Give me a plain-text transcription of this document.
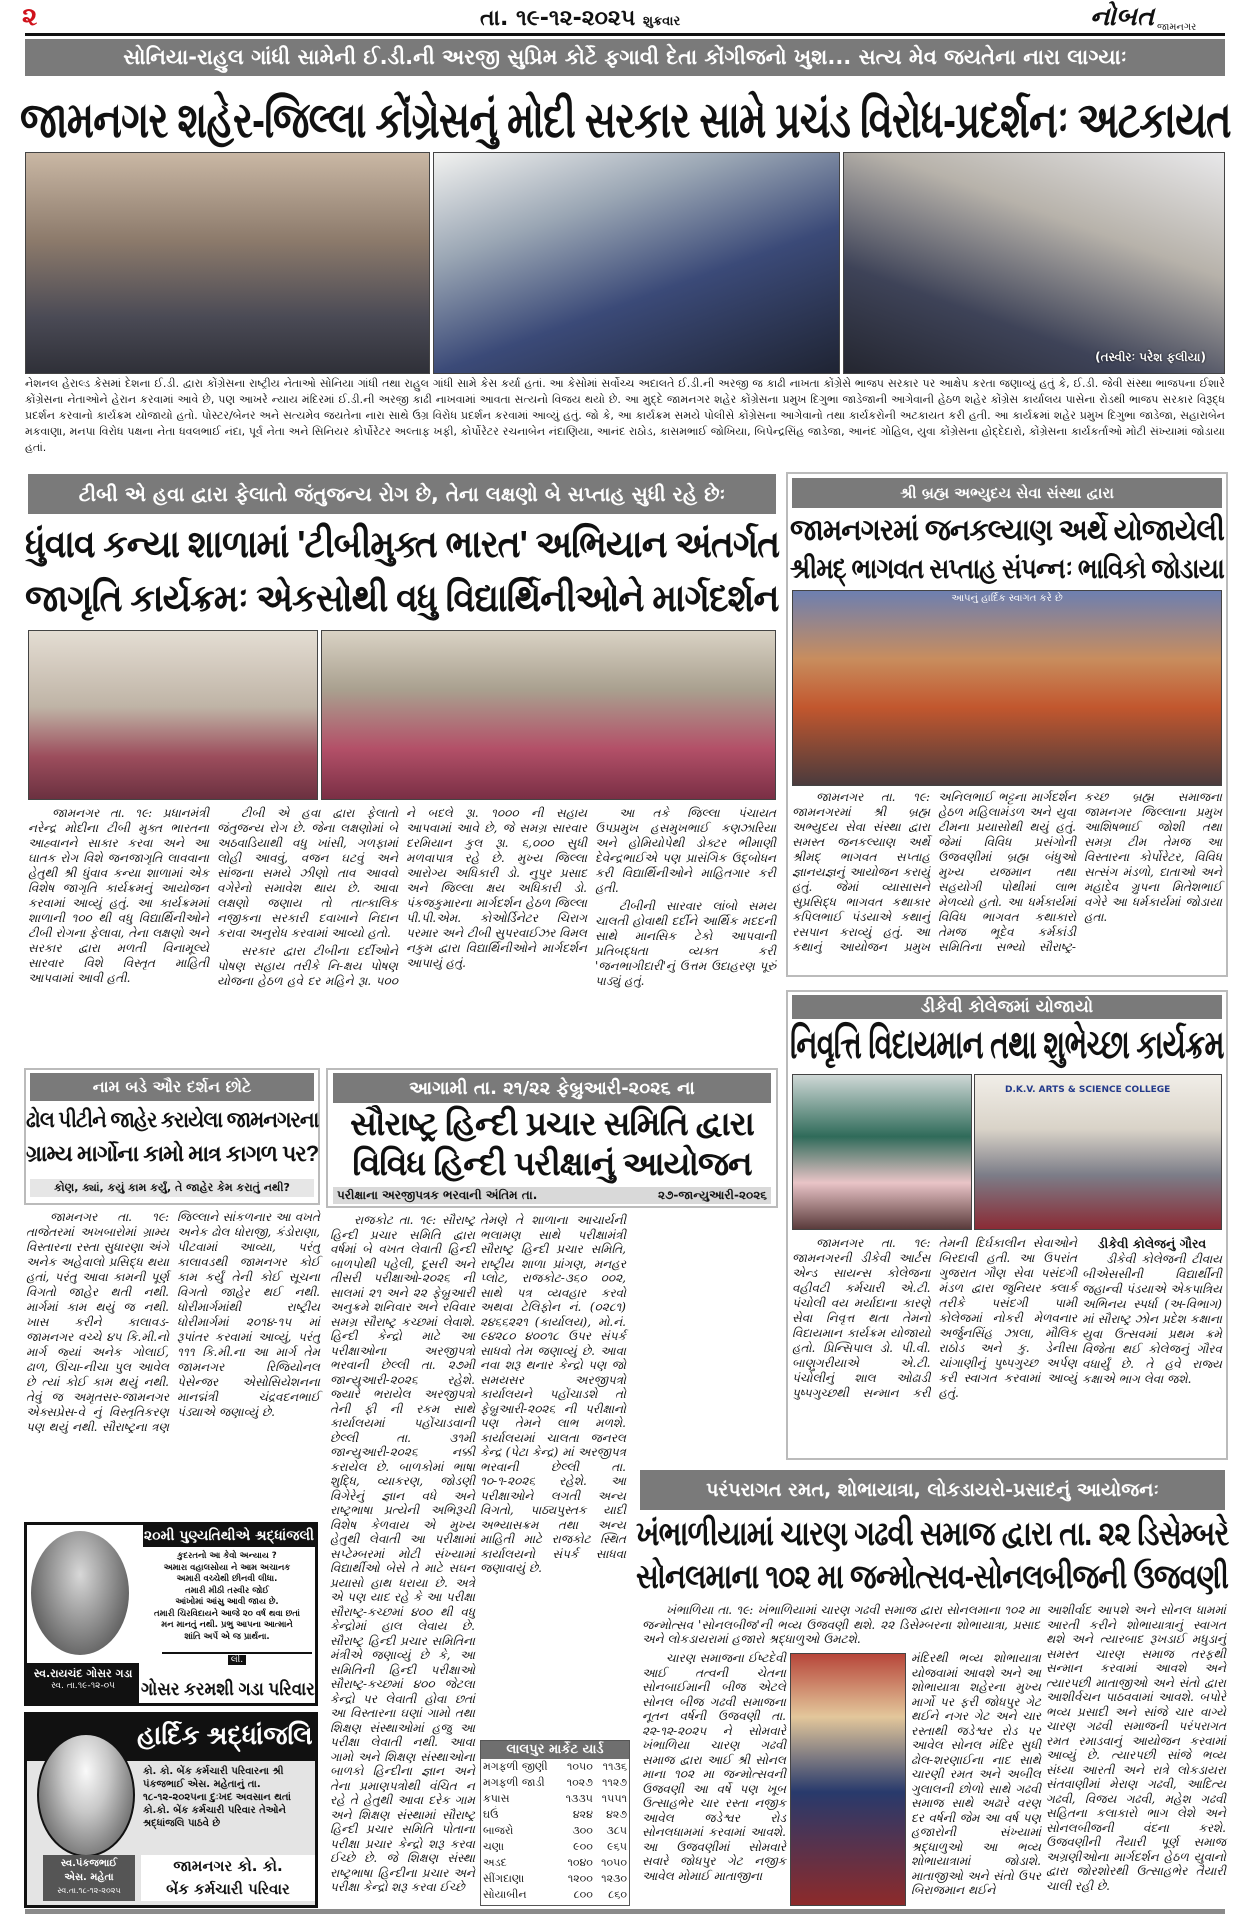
૨	તા. ૧૯-૧૨-૨૦૨૫ શુક્રવાર	નોબત જામનગર
સોનિયા-રાહુલ ગાંધી સામેની ઈ.ડી.ની અરજી સુપ્રિમ કોર્ટે ફગાવી દેતા કોંગીજનો ખુશ... સત્ય મેવ જયતેના નારા લાગ્યાઃ
જામનગર શહેર-જિલ્લા કોંગ્રેસનું મોદી સરકાર સામે પ્રચંડ વિરોધ-પ્રદર્શનઃ અટકાયત
(તસ્વીરઃ પરેશ ફલીયા)
નેશનલ હેરાલ્ડ કેસમાં દેશના ઈ.ડી. દ્વારા કોંગ્રેસના રાષ્ટ્રીય નેતાઓ સોનિયા ગાંધી તથા રાહુલ ગાંધી સામે કેસ કર્યા હતાં. આ કેસોમાં સર્વોચ્ચ અદાલતે ઈ.ડી.ની અરજી જ કાઢી નાખતા કોંગ્રેસે ભાજપ સરકાર પર આક્ષેપ કરતા જણાવ્યું હતું કે, ઈ.ડી. જેવી સંસ્થા ભાજપના ઈશારે કોંગ્રેસના નેતાઓને હેરાન કરવામાં આવે છે, પણ આખરે ન્યાય મંદિરમાં ઈ.ડી.ની અરજી કાઢી નાખવામાં આવતા સત્યનો વિજય થયો છે. આ મુદ્દે જામનગર શહેર કોંગ્રેસના પ્રમુખ દિગુભા જાડેજાની આગેવાની હેઠળ શહેર કોંગ્રેસ કાર્યાલય પાસેના રોડથી ભાજપ સરકાર વિરૂદ્ધ પ્રદર્શન કરવાનો કાર્યક્રમ યોજાયો હતો. પોસ્ટર/બેનર અને સત્યમેવ જયતેના નારા સાથે ઉગ્ર વિરોધ પ્રદર્શન કરવામાં આવ્યું હતું. જો કે, આ કાર્યક્રમ સમયે પોલીસે કોંગ્રેસના આગેવાનો તથા કાર્યકરોની અટકાયત કરી હતી. આ કાર્યક્રમાં શહેર પ્રમુખ દિગુભા જાડેજા, સહારાબેન મકવાણા, મનપા વિરોધ પક્ષના નેતા ધવલભાઈ નંદા, પૂર્વ નેતા અને સિનિયર કોર્પોરેટર અલ્તાફ ખફી, કોર્પોરેટર રચનાબેન નંદાણિયા, આનંદ રાઠોડ, કાસમભાઈ જોખિયા, બિપેન્દ્રસિંહ જાડેજા, આનંદ ગોહિલ, યુવા કોંગ્રેસના હોદ્દેદારો, કોંગ્રેસના કાર્યકર્તાઓ મોટી સંખ્યામાં જોડાયા હતાં.
ટીબી એ હવા દ્વારા ફેલાતો જંતુજન્ય રોગ છે, તેના લક્ષણો બે સપ્તાહ સુધી રહે છેઃ
ધુંવાવ કન્યા શાળામાં 'ટીબીમુક્ત ભારત' અભિયાન અંતર્ગત
જાગૃતિ કાર્યક્રમઃ એકસોથી વધુ વિદ્યાર્થિનીઓને માર્ગદર્શન

જામનગર તા. ૧૯: પ્રધાનમંત્રી નરેન્દ્ર મોદીના ટીબી મુક્ત ભારતના આહ્વાનને સાકાર કરવા અને આ ઘાતક રોગ વિશે જનજાગૃતિ લાવવાના હેતુથી શ્રી ધુંવાવ કન્યા શાળામાં એક વિશેષ જાગૃતિ કાર્યક્રમનું આયોજન કરવામાં આવ્યું હતું. આ કાર્યક્રમમાં શાળાની ૧૦૦ થી વધુ વિદ્યાર્થિનીઓને ટીબી રોગના ફેલાવા, તેના લક્ષણો અને સરકાર દ્વારા મળતી વિનામૂલ્યે સારવાર વિશે વિસ્તૃત માહિતી આપવામાં આવી હતી.

ટીબી એ હવા દ્વારા ફેલાતો જંતુજન્ય રોગ છે. જેના લક્ષણોમાં બે અઠવાડિયાથી વધુ ખાંસી, ગળફામાં લોહી આવવું, વજન ઘટવું અને સાંજના સમયે ઝીણો તાવ આવવો વગેરેનો સમાવેશ થાય છે. આવા લક્ષણો જણાય તો તાત્કાલિક નજીકના સરકારી દવાખાને નિદાન કરાવા અનુરોધ કરવામાં આવ્યો હતો.

સરકાર દ્વારા ટીબીના દર્દીઓને પોષણ સહાય તરીકે નિ-ક્ષય પોષણ યોજના હેઠળ હવે દર મહિને રૂા. ૫૦૦ ને બદલે રૂા. ૧૦૦૦ ની સહાય આપવામાં આવે છે, જે સમગ્ર સારવાર દરમિયાન કુલ રૂા. ૬,૦૦૦ સુધી મળવાપાત્ર રહે છે. મુખ્ય જિલ્લા આરોગ્ય અધિકારી ડો. નુપુર પ્રસાદ અને જિલ્લા ક્ષય અધિકારી ડો. પંકજકુમારના માર્ગદર્શન હેઠળ જિલ્લા પી.પી.એમ. કોઓર્ડિનેટર ચિરાગ પરમાર અને ટીબી સુપરવાઈઝર વિમલ નકુમ દ્વારા વિદ્યાર્થિનીઓને માર્ગદર્શન આપાયું હતું.

આ તકે જિલ્લા પંચાયત ઉપપ્રમુખ હસમુખભાઈ કણઝારિયા અને હોમિયોપેથી ડોક્ટર ભીમાણી દેવેન્દ્રભાઈએ પણ પ્રાસંગિક ઉદ્બોધન કરી વિદ્યાર્થિનીઓને માહિતગાર કરી હતી.

ટીબીની સારવાર લાંબો સમય ચાલતી હોવાથી દર્દીને આર્થિક મદદની સાથે માનસિક ટેકો આપવાની પ્રતિબદ્ધતા વ્યક્ત કરી 'જનભાગીદારી'નું ઉત્તમ ઉદાહરણ પૂરું પાડ્યું હતું.

શ્રી બ્રહ્મ અભ્યુદય સેવા સંસ્થા દ્વારા
જામનગરમાં જનકલ્યાણ અર્થે યોજાયેલી
શ્રીમદ્ ભાગવત સપ્તાહ સંપન્નઃ ભાવિકો જોડાયા
આપનું હાર્દિક સ્વાગત કરે છે

જામનગર તા. ૧૯: જામનગરમાં શ્રી બ્રહ્મ અભ્યુદય સેવા સંસ્થા દ્વારા સમસ્ત જનકલ્યાણ અર્થે શ્રીમદ્ ભાગવત સપ્તાહ જ્ઞાનયજ્ઞનું આયોજન કરાયું હતું. જેમાં વ્યાસાસને સુપ્રસિદ્ધ ભાગવત કથાકાર કપિલભાઈ પંડયાએ કથાનું રસપાન કરાવ્યું હતું. આ કથાનું આયોજન પ્રમુખ અનિલભાઈ ભટ્ટના માર્ગદર્શન હેઠળ મહિલામંડળ અને યુવા ટીમના પ્રયાસોથી થયું હતું. જેમાં વિવિધ પ્રસંગોની ઉજવણીમાં બ્રહ્મ બંધુઓ મુખ્ય યજમાન તથા સહયોગી પોથીમાં લાભ મેળવ્યો હતો. આ ધર્મકાર્યમાં વિવિધ ભાગવત કથાકારો તેમજ ભૂદેવ કર્મકાંડી સમિતિના સભ્યો સૌરાષ્ટ્ર-કચ્છ બ્રહ્મ સમાજના જામનગર જિલ્લાના પ્રમુખ આશિષભાઈ જોશી તથા સમગ્ર ટીમ તેમજ આ વિસ્તારના કોર્પોરેટર, વિવિધ સત્સંગ મંડળો, દાતાઓ અને મહાદેવ ગ્રુપના મિતેશભાઈ વગેરે આ ધર્મકાર્યમાં જોડાયા હતા.

ડીકેવી કોલેજમાં યોજાયો
નિવૃત્તિ વિદાયમાન તથા શુભેચ્છા કાર્યક્રમ
D.K.V. ARTS & SCIENCE COLLEGE

જામનગર તા. ૧૯: જામનગરની ડીકેવી આર્ટસ એન્ડ સાયન્સ કોલેજના વહીવટી કર્મચારી એ.ટી. પંચોલી વય મર્યાદાના કારણે સેવા નિવૃત્ત થતા તેમનો વિદાયમાન કાર્યક્રમ યોજાયો હતો. પ્રિન્સિપાલ ડો. પી.વી. બાણુગરીયાએ એ.ટી. પંચોલીનું શાલ ઓઢાડી પુષ્પગુચ્છથી સન્માન કરી તેમની દિર્ઘકાલીન સેવાઓને બિરદાવી હતી. આ ઉપરાંત ગુજરાત ગૌણ સેવા પસંદગી મંડળ દ્વારા જુનિયર ક્લાર્ક તરીકે પસંદગી પામી કોલેજમાં નોકરી મેળવનાર અર્જુનસિંહ ઝાલા, મૌલિક રાઠોડ અને કુ. ડેનીસા ચાંગાણીનું પુષ્પગુચ્છ અર્પણ કરી સ્વાગત કરવામાં આવ્યું હતું.

ડીકેવી કોલેજનું ગૌરવ

ડીકેવી કોલેજની ટીવાય બીએસસીની વિદ્યાર્થીની જહાન્વી પંડયાએ એકપાત્રિય અભિનય સ્પર્ધા (અ-વિભાગ) માં સૌરાષ્ટ્ર ઝોન પ્રદેશ કક્ષાના યુવા ઉત્સવમાં પ્રથમ ક્રમે વિજેતા થઈ કોલેજનું ગૌરવ વધાર્યું છે. તે હવે રાજ્ય કક્ષાએ ભાગ લેવા જશે.

નામ બડે ઔર દર્શન છોટે
ઢોલ પીટીને જાહેર કરાયેલા જામનગરના
ગ્રામ્ય માર્ગોના કામો માત્ર કાગળ પર?
કોણ, ક્યાં, કયું કામ કર્યું, તે જાહેર કેમ કરાતું નથી?

જામનગર તા. ૧૯: તાજેતરમાં અખબારોમાં ગ્રામ્ય વિસ્તારના રસ્તા સુધારણા અંગે અનેક અહેવાલો પ્રસિદ્ધ થયા હતાં, પરંતુ આવા કામની પૂર્ણ વિગતો જાહેર થતી નથી. માર્ગમાં કામ થયું જ નથી. ખાસ કરીને કાલાવડ-જામનગર વચ્ચે ૪૫ કિ.મી.નો માર્ગ જ્યાં અનેક ગોલાઈ, ઢાળ, ઊંચા-નીચા પુલ આવેલ છે ત્યાં કોઈ કામ થયું નથી. તેવું જ અમૃતસર-જામનગર એક્સપ્રેસ-વે નું વિસ્તૃતિકરણ પણ થયું નથી. સૌરાષ્ટ્રના ત્રણ જિલ્લાને સાંકળનાર આ વખતે અનેક ઢોલ ધોરાજી, કંડોરાણા, પીટવામાં આવ્યા, પરંતુ કાલાવડથી જામનગર કોઈ કામ કર્યું તેની કોઈ સૂચના વિગતો જાહેર થઈ નથી. ધોરીમાર્ગમાંથી રાષ્ટ્રીય ધોરીમાર્ગમાં ૨૦૧૪-૧૫ માં રૂપાંતર કરવામાં આવ્યું, પરંતુ ૧૧૧ કિ.મી.ના આ માર્ગ તેમ જામનગર રિજિયોનલ પેસેન્જર એસોસિયેશનના માનદ્મંત્રી ચંદ્રવદનભાઈ પંડ્યાએ જણાવ્યું છે.

આગામી તા. ૨૧/૨૨ ફેબ્રુઆરી-૨૦૨૬ ના
સૌરાષ્ટ્ર હિન્દી પ્રચાર સમિતિ દ્વારા
વિવિધ હિન્દી પરીક્ષાનું આયોજન
પરીક્ષાના અરજીપત્રક ભરવાની અંતિમ તા.	૨૭-જાન્યુઆરી-૨૦૨૬
રાજકોટ તા. ૧૯: સૌરાષ્ટ્ર હિન્દી પ્રચાર સમિતિ દ્વારા વર્ષમાં બે વખત લેવાતી હિન્દી બાળપોથી પહેલી, દૂસરી અને તીસરી પરીક્ષાઓ-૨૦૨૬ ની સાલમાં ૨૧ અને ૨૨ ફેબ્રુઆરી અનુક્રમે શનિવાર અને રવિવાર સમગ્ર સૌરાષ્ટ્ર કચ્છમાં લેવાશે. હિન્દી કેન્દ્રો માટે આ પરીક્ષાઓના અરજીપત્રો ભરવાની છેલ્લી તા. ૨૭મી જાન્યુઆરી-૨૦૨૬ રહેશે. જ્યારે ભરાયેલ અરજીપત્રો તેની ફી ની રકમ સાથે કાર્યાલયમાં પહોંચાડવાની છેલ્લી તા. ૩૧મી જાન્યુઆરી-૨૦૨૬ નક્કી કરાયેલ છે. બાળકોમાં ભાષા શુદ્ધિ, વ્યાકરણ, જોડણી વિગેરેનું જ્ઞાન વધે અને રાષ્ટ્રભાષા પ્રત્યેની અભિરૂચી વિશેષ કેળવાય એ મુખ્ય હેતુથી લેવાતી આ પરીક્ષામાં સપ્ટેમ્બરમાં મોટી સંખ્યામાં વિદ્યાર્થીઓ બેસે તે માટે સઘન પ્રયાસો હાથ ધરાયા છે. અત્રે એ પણ યાદ રહે કે આ પરીક્ષા સૌરાષ્ટ્ર-કચ્છમાં ૪૦૦ થી વધુ કેન્દ્રોમાં હાલ લેવાય છે. સૌરાષ્ટ્ર હિન્દી પ્રચાર સમિતિના મંત્રીએ જણાવ્યું છે કે, આ સમિતિની હિન્દી પરીક્ષાઓ સૌરાષ્ટ્ર-કચ્છમાં ૪૦૦ જેટલા કેન્દ્રો પર લેવાતી હોવા છતાં આ વિસ્તારના ઘણાં ગામો તથા શિક્ષણ સંસ્થાઓમાં હજુ આ પરીક્ષા લેવાતી નથી. આવા ગામો અને શિક્ષણ સંસ્થાઓના બાળકો હિન્દીના જ્ઞાન અને તેના પ્રમાણપત્રોથી વંચિત ન રહે તે હેતુથી આવા દરેક ગામ અને શિક્ષણ સંસ્થામાં સૌરાષ્ટ્ર હિન્દી પ્રચાર સમિતિ પોતાના પરીક્ષા પ્રચાર કેન્દ્રો શરૂ કરવા ઈચ્છે છે. જે શિક્ષણ સંસ્થા રાષ્ટ્રભાષા હિન્દીના પ્રચાર અને પરીક્ષા કેન્દ્રો શરૂ કરવા ઈચ્છે
તેમણે તે શાળાના આચાર્યની ભલામણ સાથે પરીક્ષામંત્રી સૌરાષ્ટ્ર હિન્દી પ્રચાર સમિતિ, રાષ્ટ્રીય શાળા પ્રાંગણ, મનહર પ્લોટ, રાજકોટ-૩૬૦ ૦૦૨, સાથે પત્ર વ્યવહાર કરવો અથવા ટેલિફોન નં. (૦૨૮૧) ૨૪૬૬૨૨૧ (કાર્યાલય), મો.નં. ૯૪૨૮૦ ૪૦૦૧૮ ઉપર સંપર્ક સાધવો તેમ જણાવ્યું છે. આવા નવા શરૂ થનાર કેન્દ્રો પણ જો સમયસર અરજીપત્રો કાર્યાલયને પહોંચાડશે તો ફેબ્રુઆરી-૨૦૨૬ ની પરીક્ષાનો પણ તેમને લાભ મળશે. કાર્યાલયમાં ચાલતા જનરલ કેન્દ્ર (પેટા કેન્દ્ર) માં અરજીપત્ર ભરવાની છેલ્લી તા. ૧૦-૧-૨૦૨૬ રહેશે. આ પરીક્ષાઓને લગતી અન્ય વિગતો, પાઠ્યપુસ્તક યાદી અભ્યાસક્રમ તથા અન્ય માહિતી માટે રાજકોટ સ્થિત કાર્યાલયનો સંપર્ક સાધવા જણાવાયું છે.
લાલપુર માર્કેટ યાર્ડ
મગફળી જીણી	૧૦૫૦	૧૧૩૬
મગફળી જાડી	૧૦૨૭	૧૧૨૭
કપાસ	૧૩૩૫	૧૫૫૧
ઘઉં	૪૨૪	૪૨૭
બાજરો	૩૦૦	૩૮૫
ચણા	૯૦૦	૯૬૫
અડદ	૧૦૪૦	૧૦૫૦
સીંગદાણા	૧૨૦૦	૧૨૩૦
સોયાબીન	૮૦૦	૮૬૦
પરંપરાગત રમત, શોભાયાત્રા, લોકડાયરો-પ્રસાદનું આયોજનઃ
ખંભાળીયામાં ચારણ ગઢવી સમાજ દ્વારા તા. ૨૨ ડિસેમ્બરે
સોનલમાના ૧૦૨ મા જન્મોત્સવ-સોનલબીજની ઉજવણી
ખંભાળિયા તા. ૧૯: ખંભાળિયામાં ચારણ ગઢવી સમાજ દ્વારા સોનલમાના ૧૦૨ મા જન્મોત્સવ 'સોનલબીજ'ની ભવ્ય ઉજવણી થશે. ૨૨ ડિસેમ્બરના શોભાયાત્રા, પ્રસાદ અને લોકડાયરામાં હજારો શ્રદ્ધાળુઓ ઉમટશે.
ચારણ સમાજના ઈષ્ટદેવી આઈ તત્વની ચેતના સોનબાઈમાની બીજ એટલે સોનલ બીજ ગઢવી સમાજના નૂતન વર્ષની ઉજવણી તા. ૨૨-૧૨-૨૦૨૫ ને સોમવારે ખંભાળિયા ચારણ ગઢવી સમાજ દ્વારા આઈ શ્રી સોનલ માના ૧૦૨ મા જન્મોત્સવની ઉજવણી આ વર્ષે પણ ખૂબ ઉત્સાહભેર ચાર રસ્તા નજીક આવેલ જડેશ્વર રોડ સોનલધામમાં કરવામાં આવશે. આ ઉજવણીમાં સોમવારે સવારે જોધપુર ગેટ નજીક આવેલ મોમાઈ માતાજીના
મંદિરથી ભવ્ય શોભાયાત્રા યોજવામાં આવશે અને આ શોભાયાત્રા શહેરના મુખ્ય માર્ગો પર ફરી જોધપુર ગેટ થઈને નગર ગેટ અને ચાર રસ્તાથી જડેશ્વર રોડ પર આવેલ સોનલ મંદિર સુધી ઢોલ-શરણાઈના નાદ સાથે ચારણી રમત અને અબીલ ગુલાલની છોળો સાથે ગઢવી સમાજ સાથે અઢારે વરણ દર વર્ષની જેમ આ વર્ષ પણ હજારોની સંખ્યામાં શ્રદ્ધાળુઓ આ ભવ્ય શોભાયાત્રામાં જોડાશે. માતાજીઓ અને સંતો ઉપર બિરાજમાન થઈને
આશીર્વાદ આપશે અને સોનલ ધામમાં આરતી કરીને શોભાયાત્રાનું સ્વાગત થશે અને ત્યારબાદ રૂખડાઈ મધુડાનું સમસ્ત ચારણ સમાજ તરફથી સન્માન કરવામાં આવશે અને ત્યારપછી માતાજીઓ અને સંતો દ્વારા આશીર્વચન પાઠવવામાં આવશે. બપોરે ભવ્ય પ્રસાદી અને સાંજે ચાર વાગ્યે ચારણ ગઢવી સમાજની પરંપરાગત રમત રમાડવાનું આયોજન કરવામાં આવ્યું છે. ત્યારપછી સાંજે ભવ્ય સંધ્યા આરતી અને રાત્રે લોકડાયરા સંતવાણીમાં મેરાણ ગઢવી, આદિત્ય ગઢવી, વિજય ગઢવી, મહેશ ગઢવી સહિતના કલાકારો ભાગ લેશે અને સોનલબીજની વંદના કરશે. ઉજવણીની તૈયારી પૂર્ણ સમાજ અગ્રણીઓના માર્ગદર્શન હેઠળ યુવાનો દ્વારા જોરશોરથી ઉત્સાહભેર તૈયારી ચાલી રહી છે.
૨૦મી પુણ્યતિથીએ શ્રદ્ધાંજલી
કુદરતનો આ કેવો અન્યાય ?
અમારા વહાલસોયા ને આમ અચાનક
અમારી વચ્ચેથી છીનવી લીધા.
તમારી મીઠી તસ્વીર જોઈ
આંખોમાં આંસુ આવી જાય છે.
તમારી ચિરવિદાયને આજે ૨૦ વર્ષ થવા છતાં
મન માનતું નથી. પ્રભુ આપના આત્માને
શાંતિ અર્પે એ જ પ્રાર્થના.
$^{લી.}$
સ્વ.રાયચંદ ગોસર ગડા
સ્વ. તા.૧૯-૧૨-૦૫	ગોસર કરમશી ગડા પરિવાર
હાર્દિક શ્રદ્ધાંજલિ
કો. કો. બેંક કર્મચારી પરિવારના શ્રી પંકજભાઈ એસ. મહેતાનું તા. ૧૮-૧૨-૨૦૨૫ના દુઃખદ અવસાન થતાં કો.કો. બેંક કર્મચારી પરિવાર તેઓને શ્રદ્ધાંજલિ પાઠવે છે
સ્વ.પંકજભાઈ
એસ. મહેતા
સ્વ.તા.૧૮-૧૨-૨૦૨૫
જામનગર કો. કો.
બેંક કર્મચારી પરિવાર
